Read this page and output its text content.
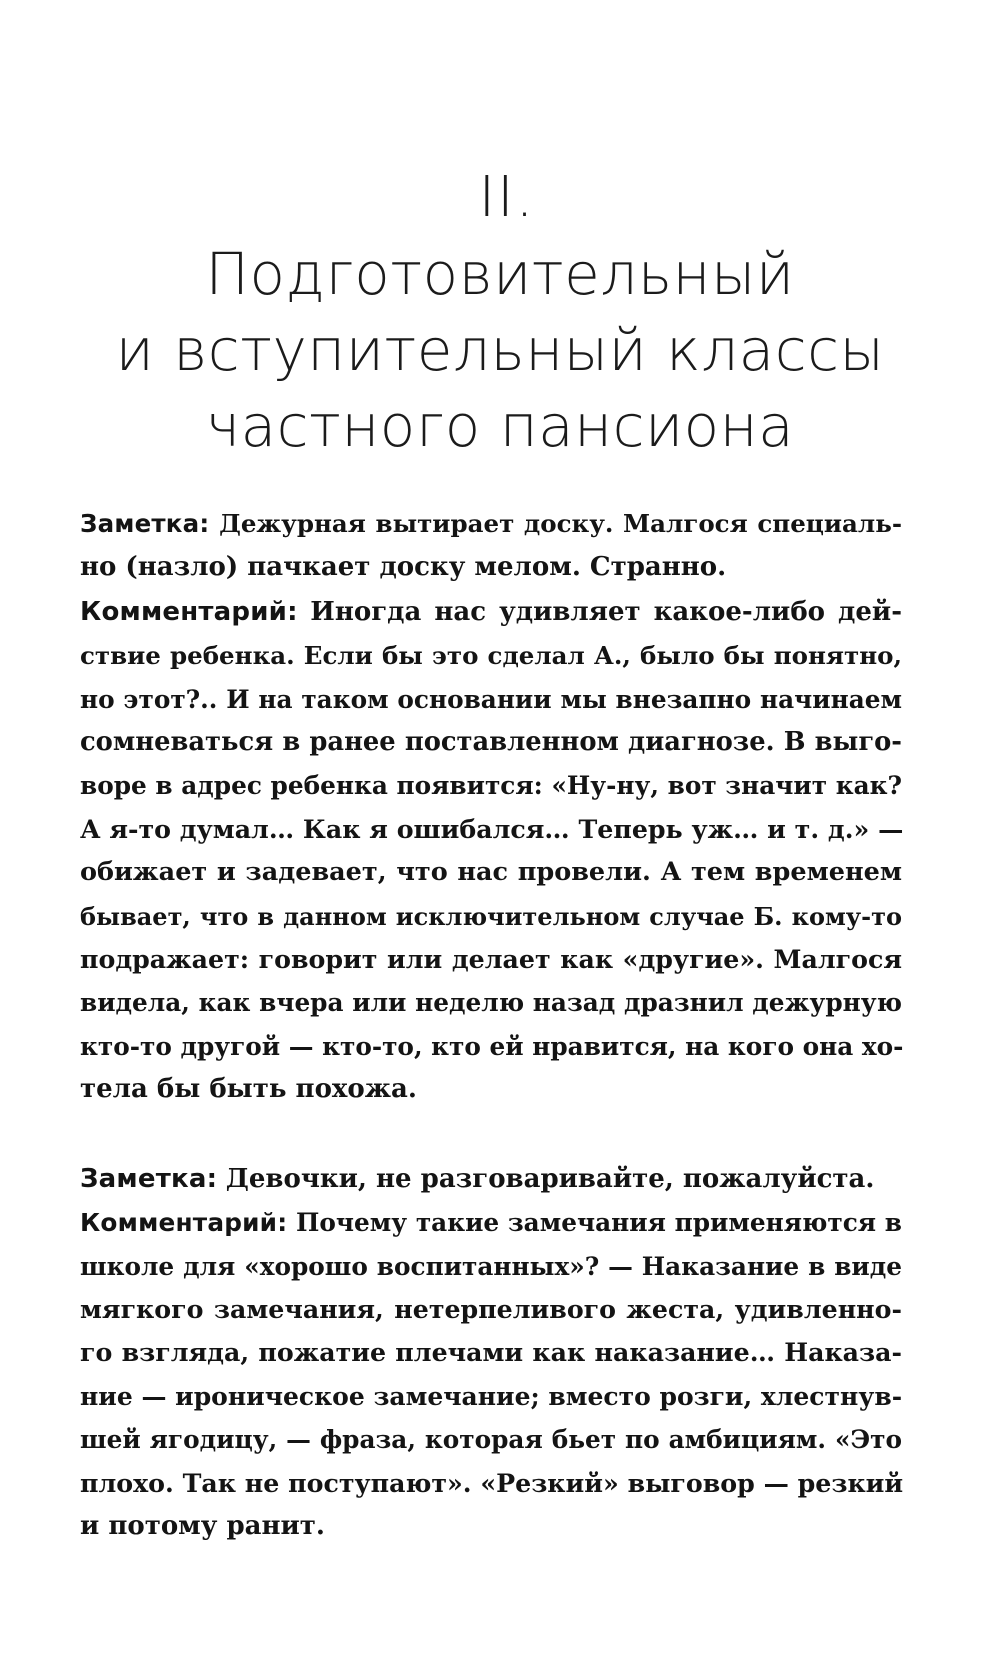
II.
Подготовительный
и вступительный классы
частного пансиона
Заметка: Дежурная вытирает доску. Малгося специаль-
но (назло) пачкает доску мелом. Странно.
Комментарий: Иногда нас удивляет какое-либо дей-
ствие ребенка. Если бы это сделал А., было бы понятно,
но этот?.. И на таком основании мы внезапно начинаем
сомневаться в ранее поставленном диагнозе. В выго-
воре в адрес ребенка появится: «Ну-ну, вот значит как?
А я-то думал… Как я ошибался… Теперь уж… и т. д.» —
обижает и задевает, что нас провели. А тем временем
бывает, что в данном исключительном случае Б. кому-то
подражает: говорит или делает как «другие». Малгося
видела, как вчера или неделю назад дразнил дежурную
кто-то другой — кто-то, кто ей нравится, на кого она хо-
тела бы быть похожа.
Заметка: Девочки, не разговаривайте, пожалуйста.
Комментарий: Почему такие замечания применяются в
школе для «хорошо воспитанных»? — Наказание в виде
мягкого замечания, нетерпеливого жеста, удивленно-
го взгляда, пожатие плечами как наказание… Наказа-
ние — ироническое замечание; вместо розги, хлестнув-
шей ягодицу, — фраза, которая бьет по амбициям. «Это
плохо. Так не поступают». «Резкий» выговор — резкий
и потому ранит.
